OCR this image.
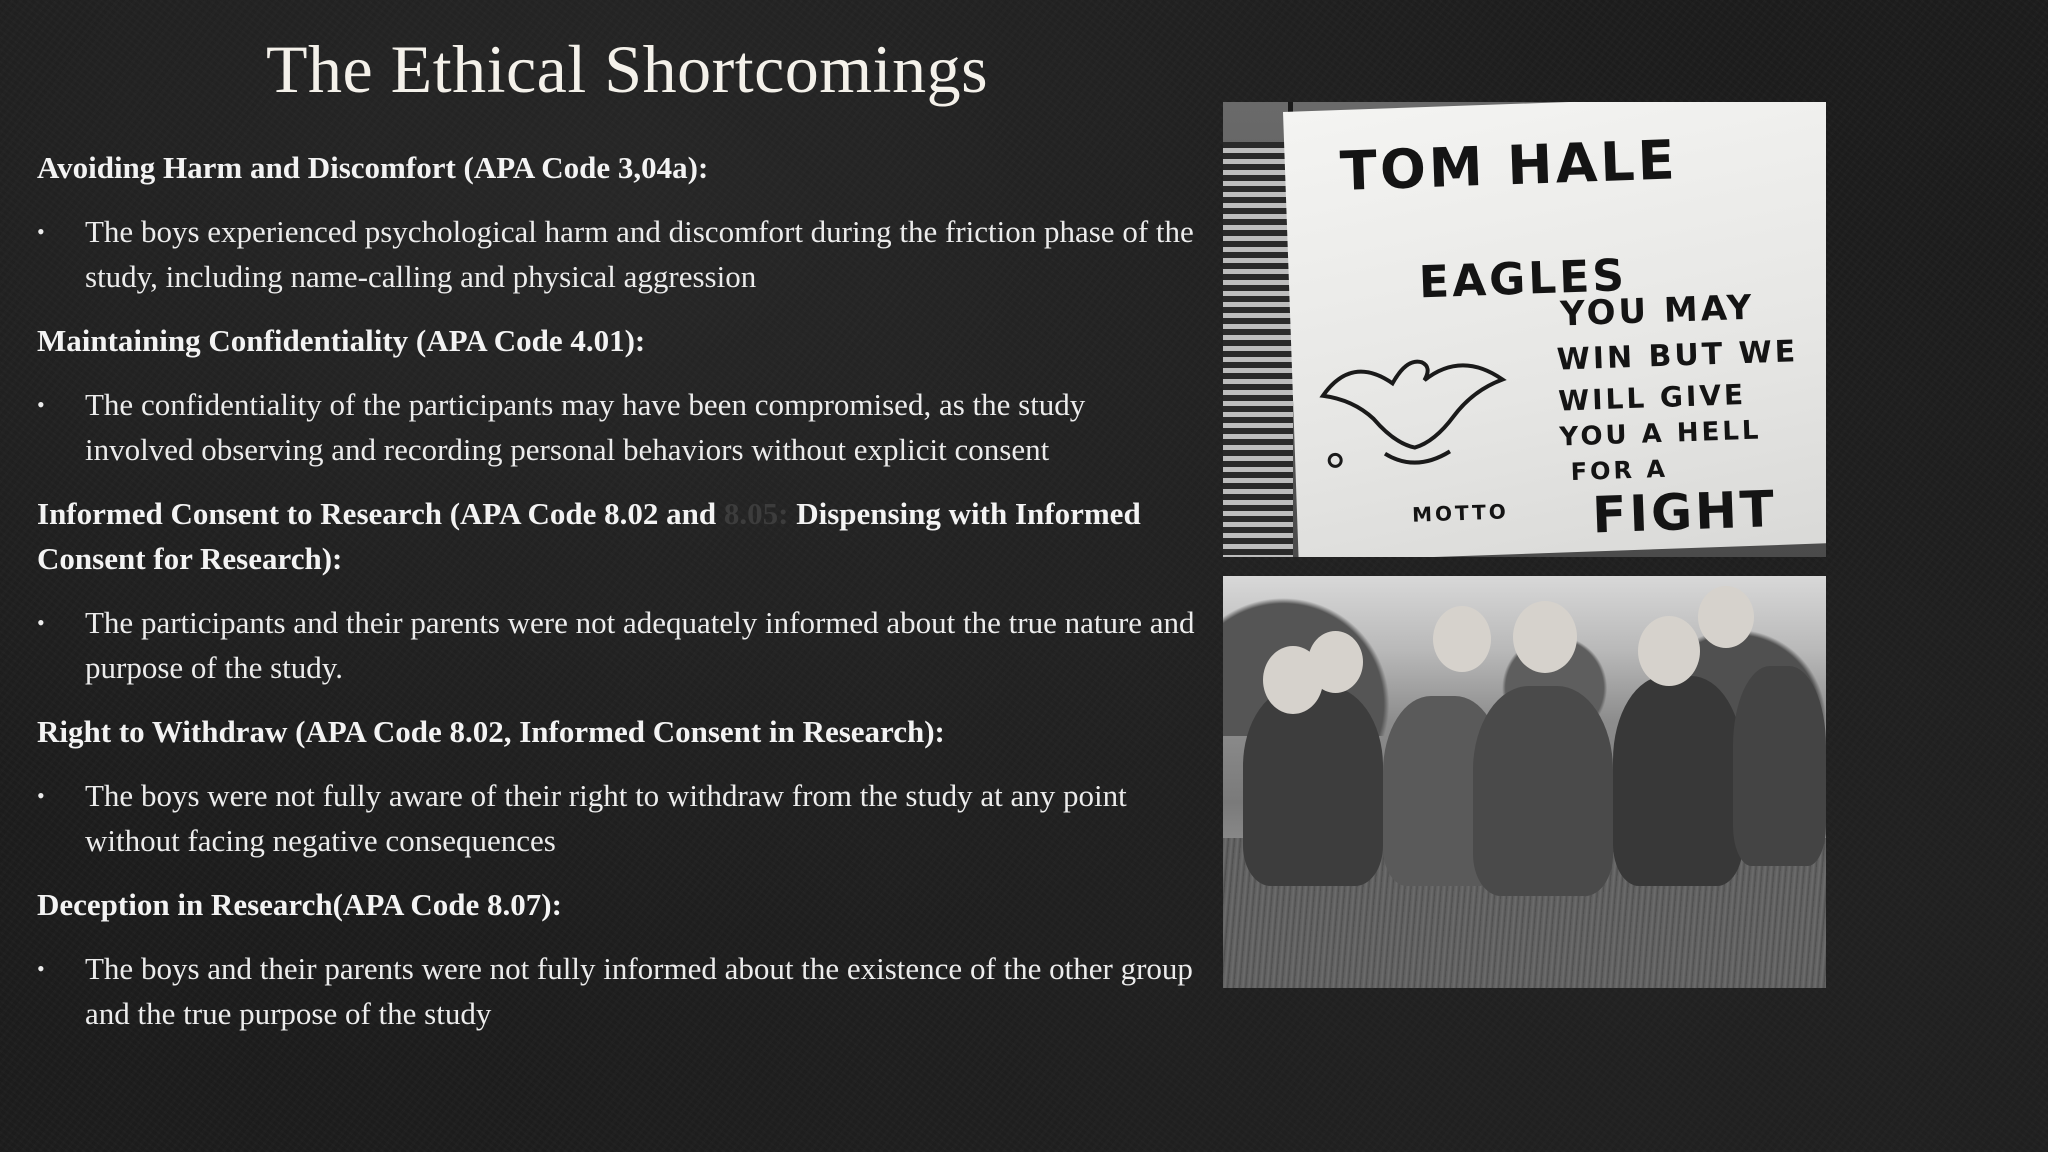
The Ethical Shortcomings
Avoiding Harm and Discomfort (APA Code 3,04a):
• The boys experienced psychological harm and discomfort during the friction phase of the study, including name-calling and physical aggression
Maintaining Confidentiality (APA Code 4.01):
• The confidentiality of the participants may have been compromised, as the study involved observing and recording personal behaviors without explicit consent
Informed Consent to Research (APA Code 8.02 and 8.05: Dispensing with Informed Consent for Research):
• The participants and their parents were not adequately informed about the true nature and purpose of the study.
Right to Withdraw (APA Code 8.02, Informed Consent in Research):
• The boys were not fully aware of their right to withdraw from the study at any point without facing negative consequences
Deception in Research(APA Code 8.07):
• The boys and their parents were not fully informed about the existence of the other group and the true purpose of the study
TOM HALE
EAGLES
YOU MAY
WIN BUT WE
WILL GIVE
YOU A HELL
FOR A
FIGHT
MOTTO
